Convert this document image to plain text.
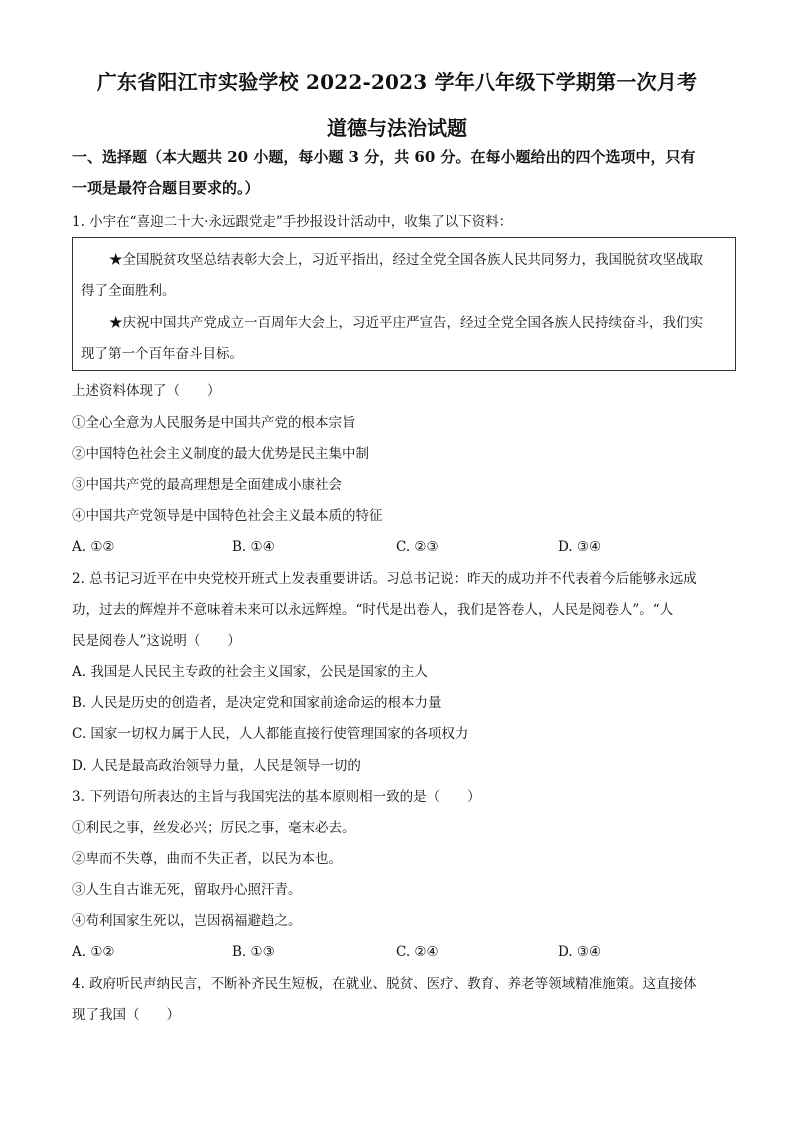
广东省阳江市实验学校 2022-2023 学年八年级下学期第一次月考
道德与法治试题
一、选择题（本大题共 20 小题，每小题 3 分，共 60 分。在每小题给出的四个选项中，只有
一项是最符合题目要求的。）
1. 小宇在“喜迎二十大·永远跟党走”手抄报设计活动中，收集了以下资料：
★全国脱贫攻坚总结表彰大会上，习近平指出，经过全党全国各族人民共同努力，我国脱贫攻坚战取
得了全面胜利。
★庆祝中国共产党成立一百周年大会上，习近平庄严宣告，经过全党全国各族人民持续奋斗，我们实
现了第一个百年奋斗目标。
上述资料体现了（　　）
①全心全意为人民服务是中国共产党的根本宗旨
②中国特色社会主义制度的最大优势是民主集中制
③中国共产党的最高理想是全面建成小康社会
④中国共产党领导是中国特色社会主义最本质的特征
A. ①②	B. ①④	C. ②③	D. ③④
2. 总书记习近平在中央党校开班式上发表重要讲话。习总书记说：昨天的成功并不代表着今后能够永远成
功，过去的辉煌并不意味着未来可以永远辉煌。“时代是出卷人，我们是答卷人，人民是阅卷人”。“人
民是阅卷人”这说明（　　）
A. 我国是人民民主专政的社会主义国家，公民是国家的主人
B. 人民是历史的创造者，是决定党和国家前途命运的根本力量
C. 国家一切权力属于人民，人人都能直接行使管理国家的各项权力
D. 人民是最高政治领导力量，人民是领导一切的
3. 下列语句所表达的主旨与我国宪法的基本原则相一致的是（　　）
①利民之事，丝发必兴；厉民之事，毫末必去。
②卑而不失尊，曲而不失正者，以民为本也。
③人生自古谁无死，留取丹心照汗青。
④苟利国家生死以，岂因祸福避趋之。
A. ①②	B. ①③	C. ②④	D. ③④
4. 政府听民声纳民言，不断补齐民生短板，在就业、脱贫、医疗、教育、养老等领域精准施策。这直接体
现了我国（　　）
